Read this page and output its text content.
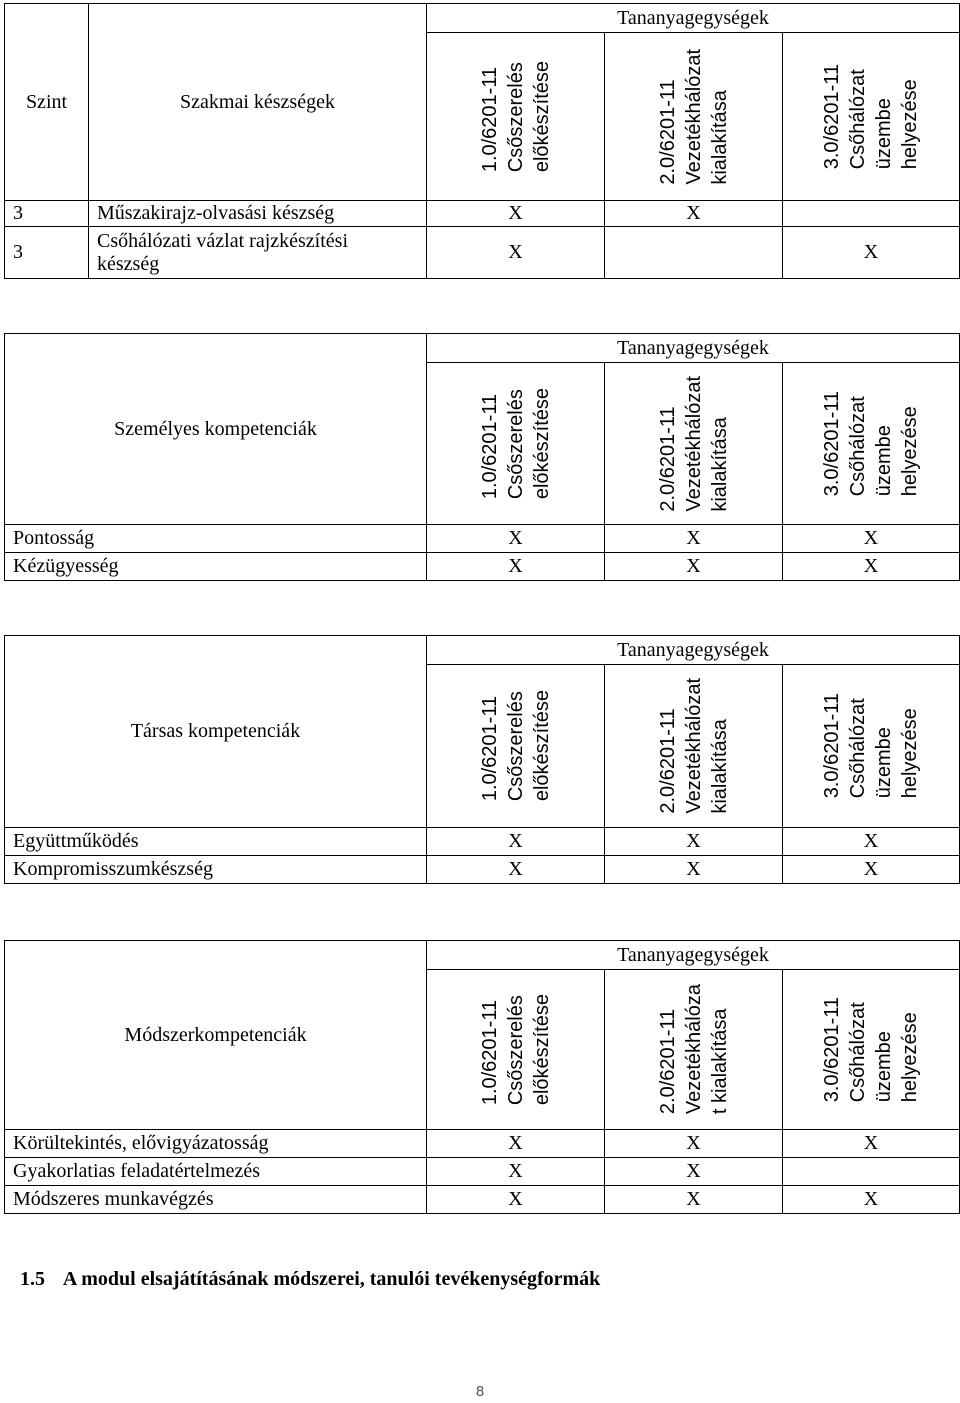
Szint	Szakmai készségek	Tananyagegységek		

		1.0/6201-11 Csőszerelés előkészítése	2.0/6201-11 Vezetékhálózat kialakítása	3.0/6201-11 Csőhálózat üzembe helyezése

3	Műszakirajz-olvasási készség	X	X	
3	Csőhálózati vázlat rajzkészítési készség	X		X
Személyes kompetenciák	Tananyagegységek		

	1.0/6201-11 Csőszerelés előkészítése	2.0/6201-11 Vezetékhálózat kialakítása	3.0/6201-11 Csőhálózat üzembe helyezése

Pontosság	X	X	X
Kézügyesség	X	X	X
Társas kompetenciák	Tananyagegységek		

	1.0/6201-11 Csőszerelés előkészítése	2.0/6201-11 Vezetékhálózat kialakítása	3.0/6201-11 Csőhálózat üzembe helyezése

Együttműködés	X	X	X
Kompromisszumkészség	X	X	X
Módszerkompetenciák	Tananyagegységek		

	1.0/6201-11 Csőszerelés előkészítése	2.0/6201-11 Vezetékhálóza t kialakítása	3.0/6201-11 Csőhálózat üzembe helyezése

Körültekintés, elővigyázatosság	X	X	X
Gyakorlatias feladatértelmezés	X	X	
Módszeres munkavégzés	X	X	X
1.5 A modul elsajátításának módszerei, tanulói tevékenységformák
8
